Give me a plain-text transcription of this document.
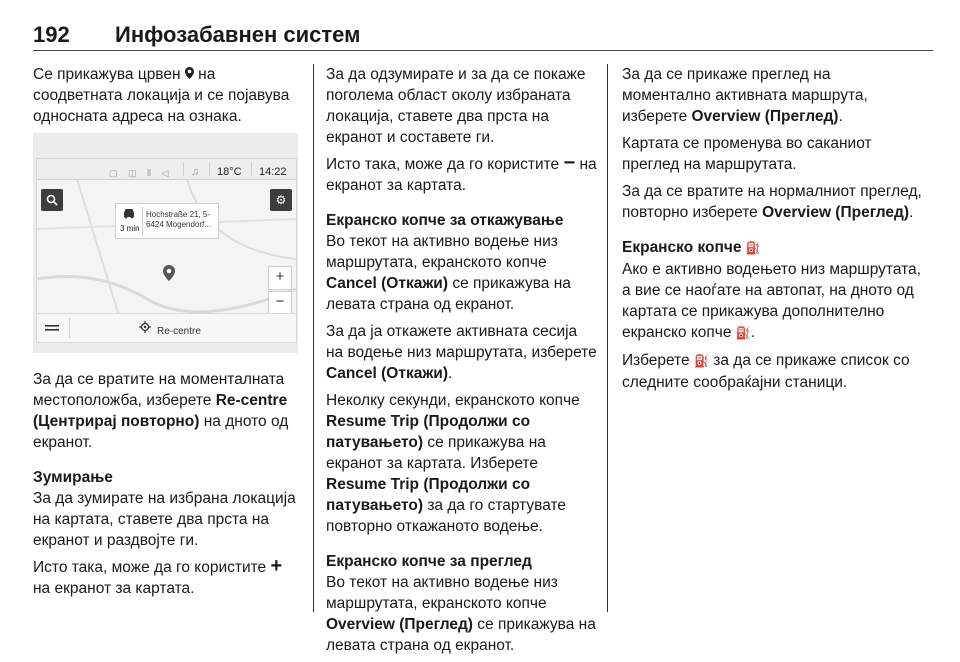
192 Инфозабавнен систем

Се прикажува црвен  на соодветната локација и се појавува односната адреса на ознака.

▢ ◫ ⦀ ◁ ♫ 18°C 14:22
⚙
3 min
Hochstraße 21, 5-
6424 Mogendorf...
+
−
Re-centre

За да се вратите на моменталната местоположба, изберете Re-centre (Центрирај повторно) на дното од екранот.

Зумирање

За да зумирате на избрана локација на картата, ставете два прста на екранот и раздвојте ги.

Исто така, може да го користите + на екранот за картата.

За да одзумирате и за да се покаже поголема област околу избраната локација, ставете два прста на екранот и составете ги.

Исто така, може да го користите − на екранот за картата.

Екранско копче за откажување

Во текот на активно водење низ маршрутата, екранското копче Cancel (Откажи) се прикажува на левата страна од екранот.

За да ја откажете активната сесија на водење низ маршрутата, изберете Cancel (Откажи).

Неколку секунди, екранското копче Resume Trip (Продолжи со патувањето) се прикажува на екранот за картата. Изберете Resume Trip (Продолжи со патувањето) за да го стартувате повторно откажаното водење.

Екранско копче за преглед

Во текот на активно водење низ маршрутата, екранското копче Overview (Преглед) се прикажува на левата страна од екранот.

За да се прикаже преглед на моментално активната маршрута, изберете Overview (Преглед).

Картата се променува во саканиот преглед на маршрутата.

За да се вратите на нормалниот преглед, повторно изберете Overview (Преглед).

Екранско копче ⛽

Ако е активно водењето низ маршрутата, а вие се наоѓате на автопат, на дното од картата се прикажува дополнително екранско копче ⛽.

Изберете ⛽ за да се прикаже список со следните сообраќајни станици.
